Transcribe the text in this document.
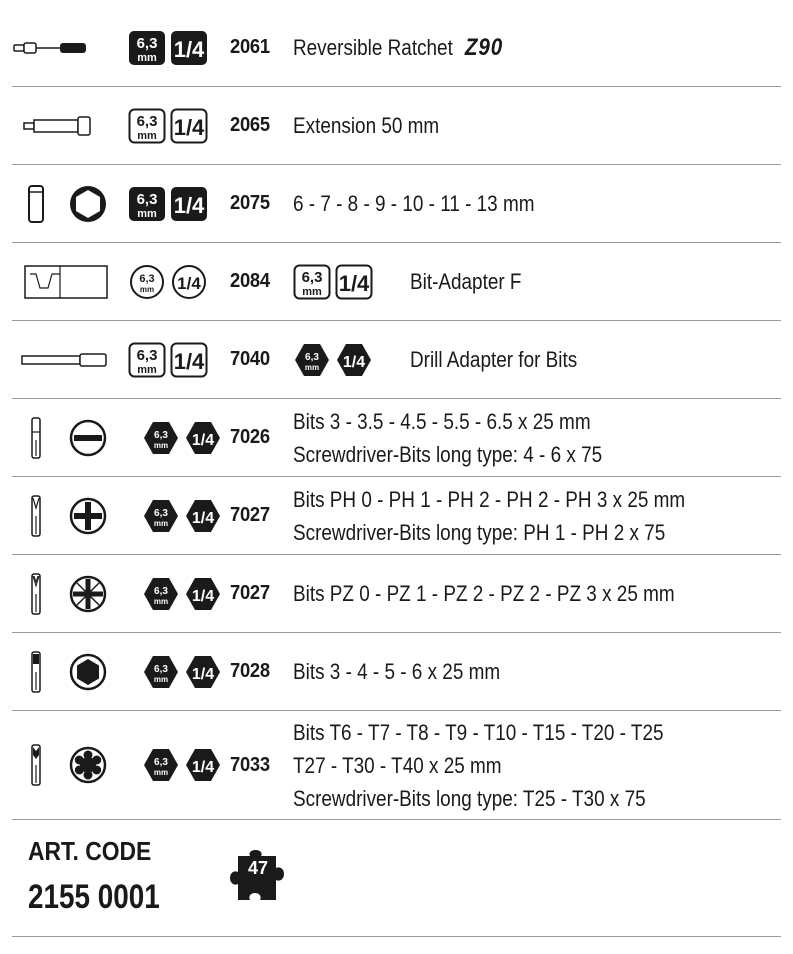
6,3
mm 1/4 2061 Reversible Ratchet Z90
6,3
mm 1/4 2065 Extension 50 mm
6,3
mm 1/4 2075 6 - 7 - 8 - 9 - 10 - 11 - 13 mm
6,3
mm 1/4 2084 6,3
mm 1/4 Bit-Adapter F
6,3
mm 1/4 7040	6,3
mm 1/4 Drill Adapter for Bits
6,3
mm 1/4 7026
Bits 3 - 3.5 - 4.5 - 5.5 - 6.5 x 25 mm
Screwdriver-Bits long type: 4 - 6 x 75
6,3
mm 1/4 7027
Bits PH 0 - PH 1 - PH 2 - PH 2 - PH 3 x 25 mm
Screwdriver-Bits long type: PH 1 - PH 2 x 75
6,3
mm 1/4 7027 Bits PZ 0 - PZ 1 - PZ 2 - PZ 2 - PZ 3 x 25 mm
6,3
mm 1/4 7028 Bits 3 - 4 - 5 - 6 x 25 mm
6,3
mm 1/4 7033
Bits T6 - T7 - T8 - T9 - T10 - T15 - T20 - T25
T27 - T30 - T40 x 25 mm
Screwdriver-Bits long type: T25 - T30 x 75
ART. CODE
2155 0001
47
